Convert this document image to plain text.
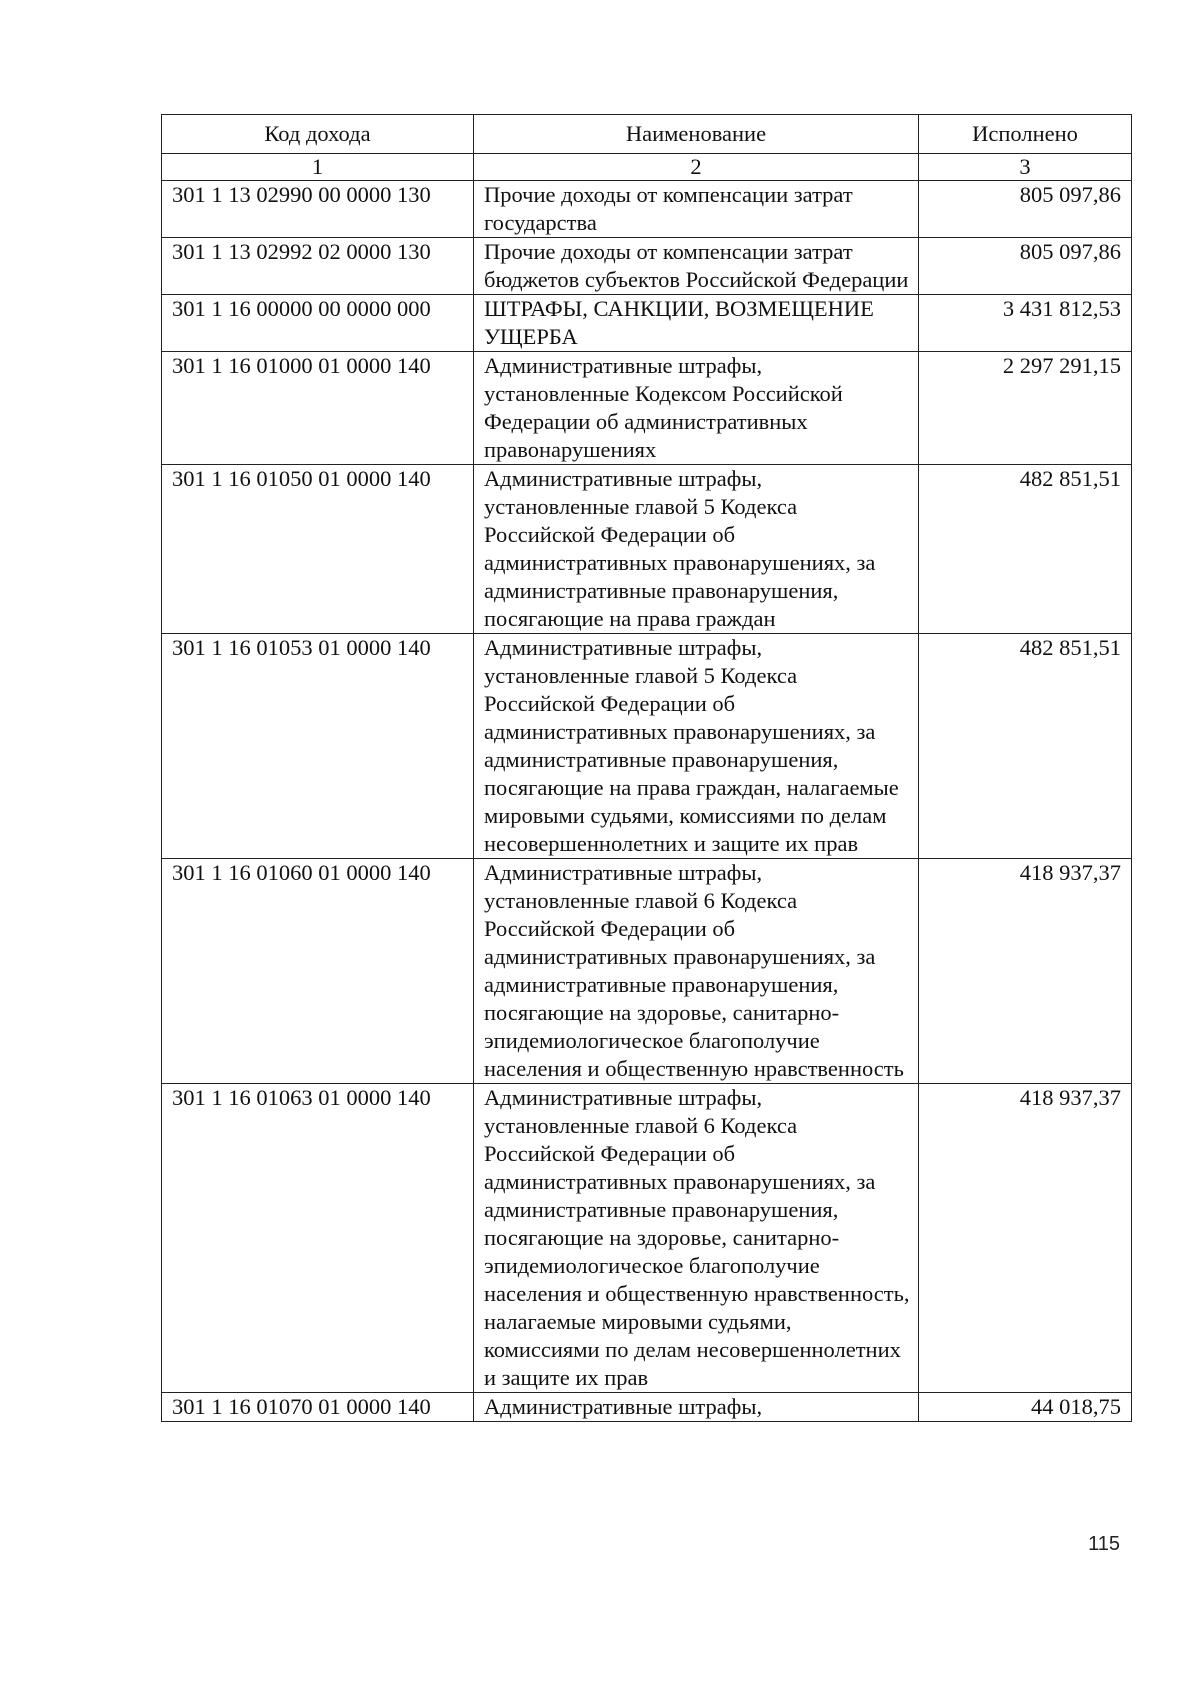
Код дохода	Наименование	Исполнено
1	2	3
301 1 13 02990 00 0000 130	Прочие доходы от компенсации затрат государства	805 097,86
301 1 13 02992 02 0000 130	Прочие доходы от компенсации затрат бюджетов субъектов Российской Федерации	805 097,86
301 1 16 00000 00 0000 000	ШТРАФЫ, САНКЦИИ, ВОЗМЕЩЕНИЕ УЩЕРБА	3 431 812,53
301 1 16 01000 01 0000 140	Административные штрафы, установленные Кодексом Российской Федерации об административных правонарушениях	2 297 291,15
301 1 16 01050 01 0000 140	Административные штрафы, установленные главой 5 Кодекса Российской Федерации об административных правонарушениях, за административные правонарушения, посягающие на права граждан	482 851,51
301 1 16 01053 01 0000 140	Административные штрафы, установленные главой 5 Кодекса Российской Федерации об административных правонарушениях, за административные правонарушения, посягающие на права граждан, налагаемые мировыми судьями, комиссиями по делам несовершеннолетних и защите их прав	482 851,51
301 1 16 01060 01 0000 140	Административные штрафы, установленные главой 6 Кодекса Российской Федерации об административных правонарушениях, за административные правонарушения, посягающие на здоровье, санитарно-эпидемиологическое благополучие населения и общественную нравственность	418 937,37
301 1 16 01063 01 0000 140	Административные штрафы, установленные главой 6 Кодекса Российской Федерации об административных правонарушениях, за административные правонарушения, посягающие на здоровье, санитарно-эпидемиологическое благополучие населения и общественную нравственность, налагаемые мировыми судьями, комиссиями по делам несовершеннолетних и защите их прав	418 937,37
301 1 16 01070 01 0000 140	Административные штрафы,	44 018,75
115
